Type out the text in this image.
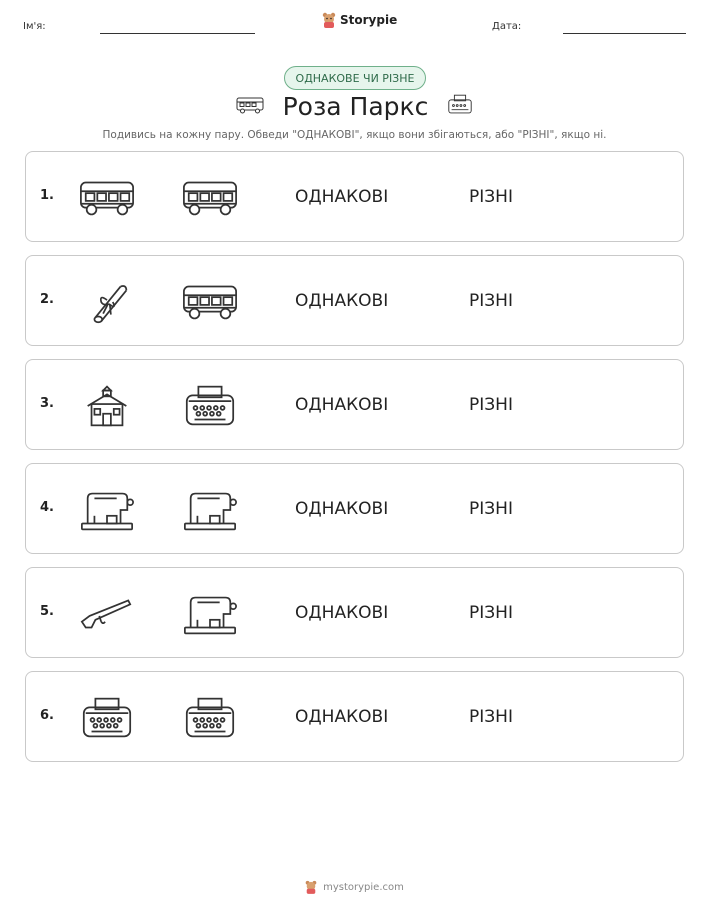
Ім'я:	Storypie	Дата:
ОДНАКОВЕ ЧИ РІЗНЕ
Роза Паркс
Подивись на кожну пару. Обведи "ОДНАКОВІ", якщо вони збігаються, або "РІЗНІ", якщо ні.
1.	ОДНАКОВІ	РІЗНІ
2.	ОДНАКОВІ	РІЗНІ
3.	ОДНАКОВІ	РІЗНІ
4.	ОДНАКОВІ	РІЗНІ
5.	ОДНАКОВІ	РІЗНІ
6.	ОДНАКОВІ	РІЗНІ
mystorypie.com
